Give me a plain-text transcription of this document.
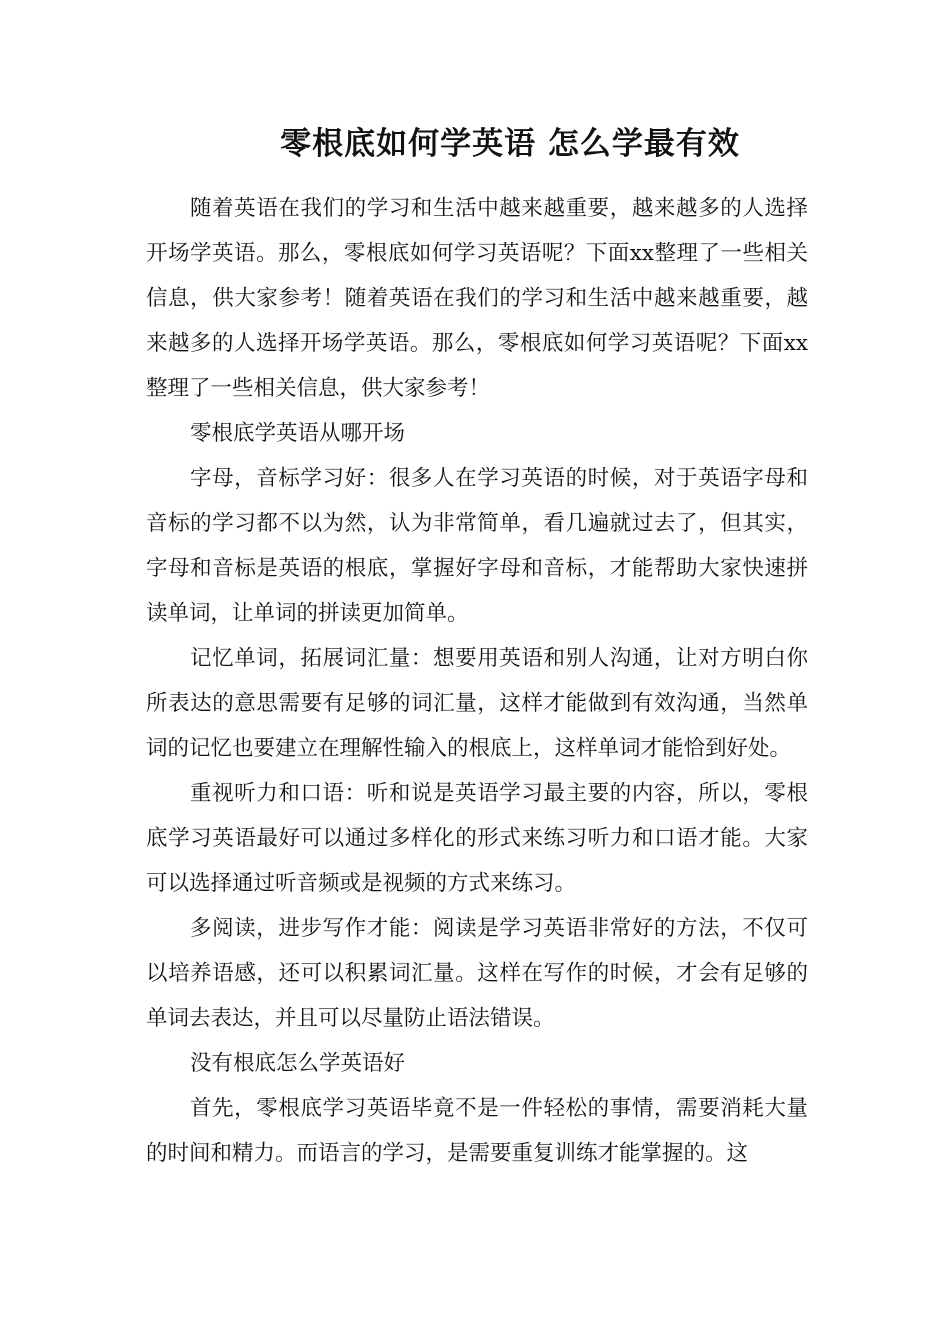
零根底如何学英语 怎么学最有效

随着英语在我们的学习和生活中越来越重要，越来越多的人选择开场学英语。那么，零根底如何学习英语呢？下面xx整理了一些相关信息，供大家参考！随着英语在我们的学习和生活中越来越重要，越来越多的人选择开场学英语。那么，零根底如何学习英语呢？下面xx整理了一些相关信息，供大家参考！

零根底学英语从哪开场

字母，音标学习好：很多人在学习英语的时候，对于英语字母和音标的学习都不以为然，认为非常简单，看几遍就过去了，但其实，字母和音标是英语的根底，掌握好字母和音标，才能帮助大家快速拼读单词，让单词的拼读更加简单。

记忆单词，拓展词汇量：想要用英语和别人沟通，让对方明白你所表达的意思需要有足够的词汇量，这样才能做到有效沟通，当然单词的记忆也要建立在理解性输入的根底上，这样单词才能恰到好处。

重视听力和口语：听和说是英语学习最主要的内容，所以，零根底学习英语最好可以通过多样化的形式来练习听力和口语才能。大家可以选择通过听音频或是视频的方式来练习。

多阅读，进步写作才能：阅读是学习英语非常好的方法，不仅可以培养语感，还可以积累词汇量。这样在写作的时候，才会有足够的单词去表达，并且可以尽量防止语法错误。

没有根底怎么学英语好

首先，零根底学习英语毕竟不是一件轻松的事情，需要消耗大量的时间和精力。而语言的学习，是需要重复训练才能掌握的。这
